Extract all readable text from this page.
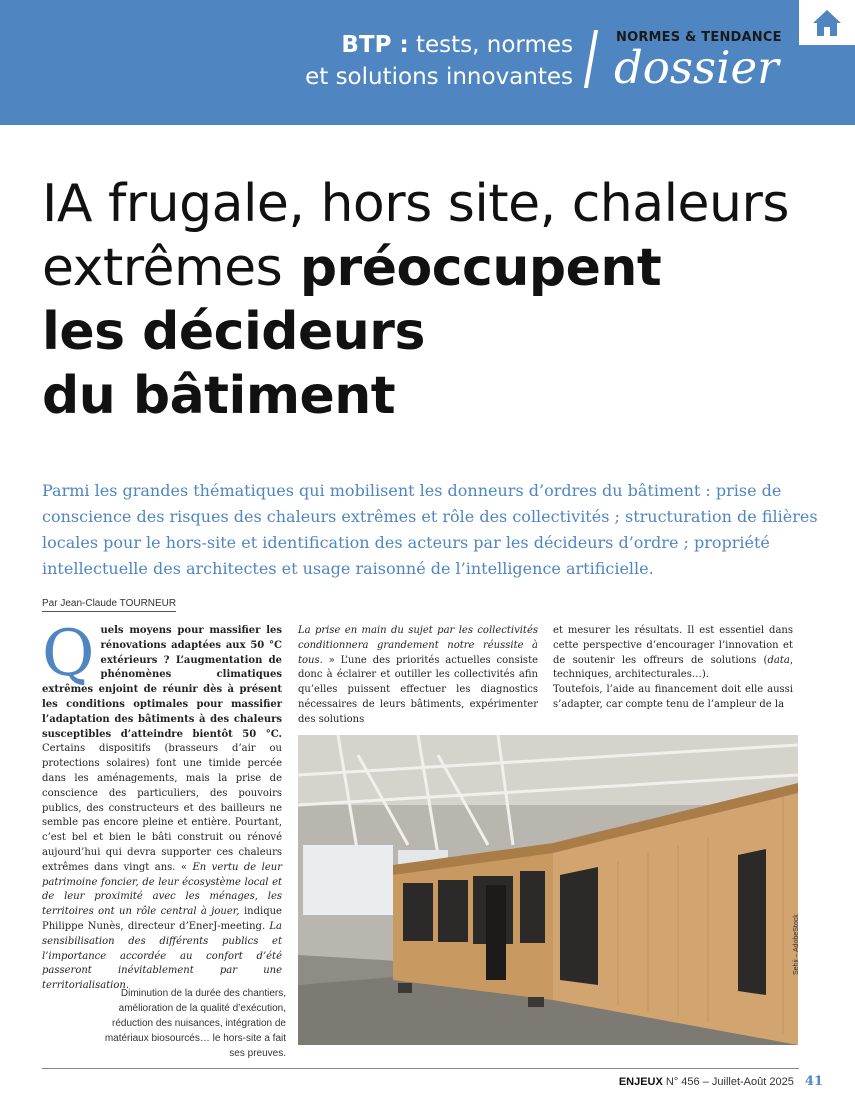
BTP : tests, normes
et solutions innovantes
NORMES & TENDANCE
dossier
IA frugale, hors site, chaleurs
extrêmes préoccupent
les décideurs
du bâtiment

Parmi les grandes thématiques qui mobilisent les donneurs d’ordres du bâtiment : prise de conscience des risques des chaleurs extrêmes et rôle des collectivités ; structuration de filières locales pour le hors-site et identification des acteurs par les décideurs d’ordre ; propriété intellectuelle des architectes et usage raisonné de l’intelligence artificielle.

Par Jean-Claude TOURNEUR
Quels moyens pour massifier les rénovations adaptées aux 50 °C extérieurs ? L’augmentation de phénomènes climatiques extrêmes enjoint de réunir dès à présent les conditions optimales pour massifier l’adaptation des bâtiments à des chaleurs susceptibles d’atteindre bientôt 50 °C. Certains dispositifs (brasseurs d’air ou protections solaires) font une timide percée dans les aménagements, mais la prise de conscience des particuliers, des pouvoirs publics, des constructeurs et des bailleurs ne semble pas encore pleine et entière. Pourtant, c’est bel et bien le bâti construit ou rénové aujourd’hui qui devra supporter ces chaleurs extrêmes dans vingt ans. « En vertu de leur patrimoine foncier, de leur écosystème local et de leur proximité avec les ménages, les territoires ont un rôle central à jouer, indique Philippe Nunès, directeur d’EnerJ-meeting. La sensibilisation des différents publics et l’importance accordée au confort d’été passeront inévitablement par une territorialisation.
La prise en main du sujet par les collectivités conditionnera grandement notre réussite à tous. » L’une des priorités actuelles consiste donc à éclairer et outiller les collectivités afin qu’elles puissent effectuer les diagnostics nécessaires de leurs bâtiments, expérimenter des solutions
et mesurer les résultats. Il est essentiel dans cette perspective d’encourager l’innovation et de soutenir les offreurs de solutions (data, techniques, architecturales…).
Toutefois, l’aide au financement doit elle aussi s’adapter, car compte tenu de l’ampleur de la
Sehii – AdobeStock
Diminution de la durée des chantiers, amélioration de la qualité d’exécution, réduction des nuisances, intégration de matériaux biosourcés… le hors-site a fait ses preuves.
ENJEUX N° 456 – Juillet-Août 2025 41
